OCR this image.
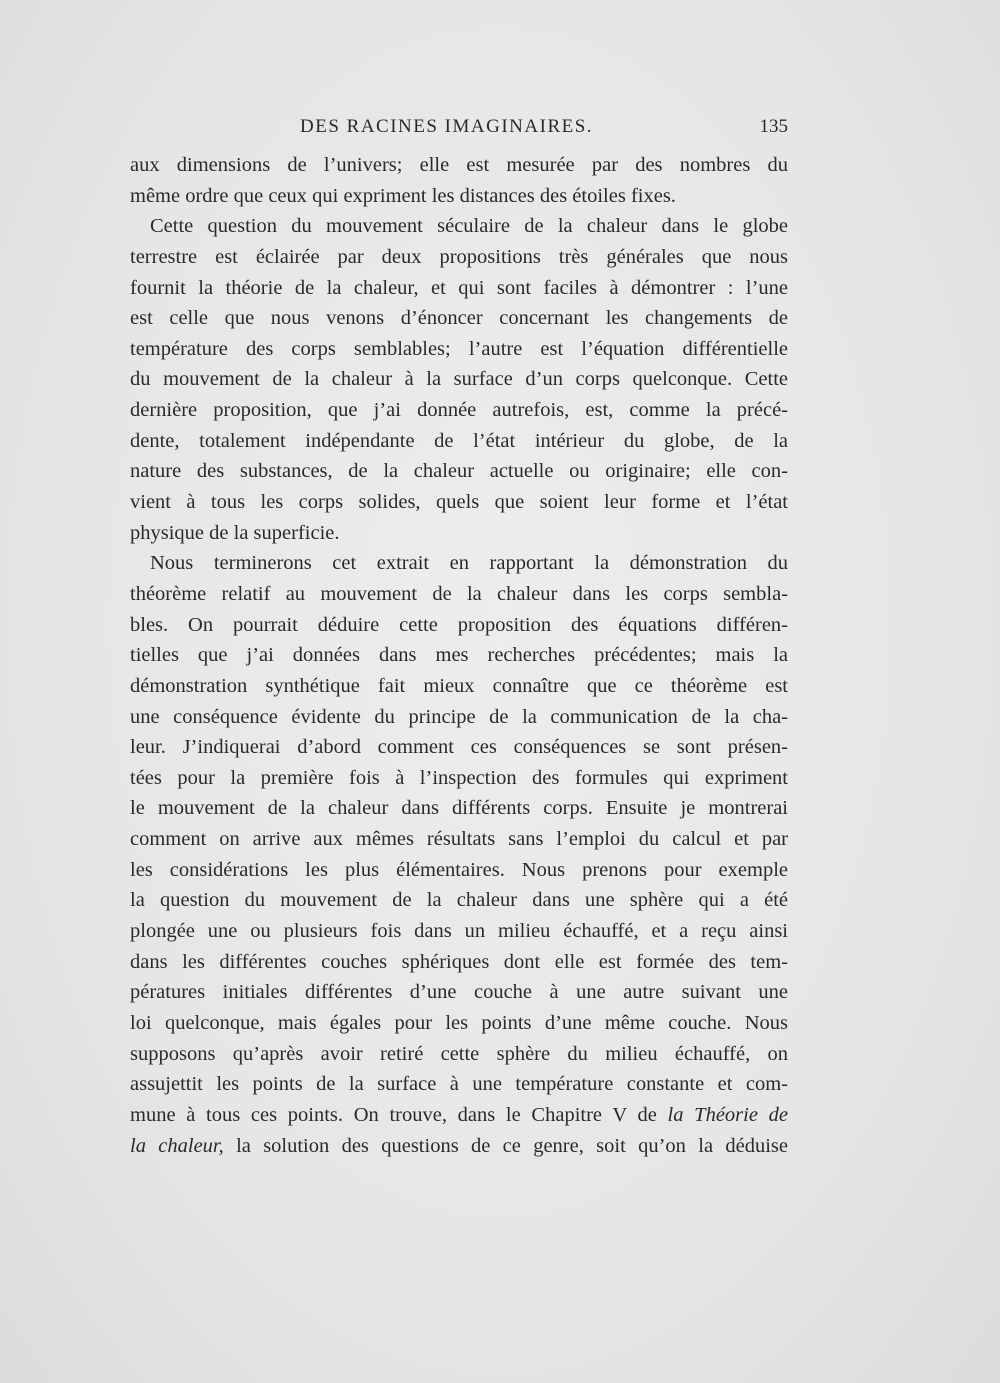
DES RACINES IMAGINAIRES.	135
aux dimensions de l’univers; elle est mesurée par des nombres du
même ordre que ceux qui expriment les distances des étoiles fixes.
Cette question du mouvement séculaire de la chaleur dans le globe
terrestre est éclairée par deux propositions très générales que nous
fournit la théorie de la chaleur, et qui sont faciles à démontrer : l’une
est celle que nous venons d’énoncer concernant les changements de
température des corps semblables; l’autre est l’équation différentielle
du mouvement de la chaleur à la surface d’un corps quelconque. Cette
dernière proposition, que j’ai donnée autrefois, est, comme la précé-
dente, totalement indépendante de l’état intérieur du globe, de la
nature des substances, de la chaleur actuelle ou originaire; elle con-
vient à tous les corps solides, quels que soient leur forme et l’état
physique de la superficie.
Nous terminerons cet extrait en rapportant la démonstration du
théorème relatif au mouvement de la chaleur dans les corps sembla-
bles. On pourrait déduire cette proposition des équations différen-
tielles que j’ai données dans mes recherches précédentes; mais la
démonstration synthétique fait mieux connaître que ce théorème est
une conséquence évidente du principe de la communication de la cha-
leur. J’indiquerai d’abord comment ces conséquences se sont présen-
tées pour la première fois à l’inspection des formules qui expriment
le mouvement de la chaleur dans différents corps. Ensuite je montrerai
comment on arrive aux mêmes résultats sans l’emploi du calcul et par
les considérations les plus élémentaires. Nous prenons pour exemple
la question du mouvement de la chaleur dans une sphère qui a été
plongée une ou plusieurs fois dans un milieu échauffé, et a reçu ainsi
dans les différentes couches sphériques dont elle est formée des tem-
pératures initiales différentes d’une couche à une autre suivant une
loi quelconque, mais égales pour les points d’une même couche. Nous
supposons qu’après avoir retiré cette sphère du milieu échauffé, on
assujettit les points de la surface à une température constante et com-
mune à tous ces points. On trouve, dans le Chapitre V de la Théorie de
la chaleur, la solution des questions de ce genre, soit qu’on la déduise
